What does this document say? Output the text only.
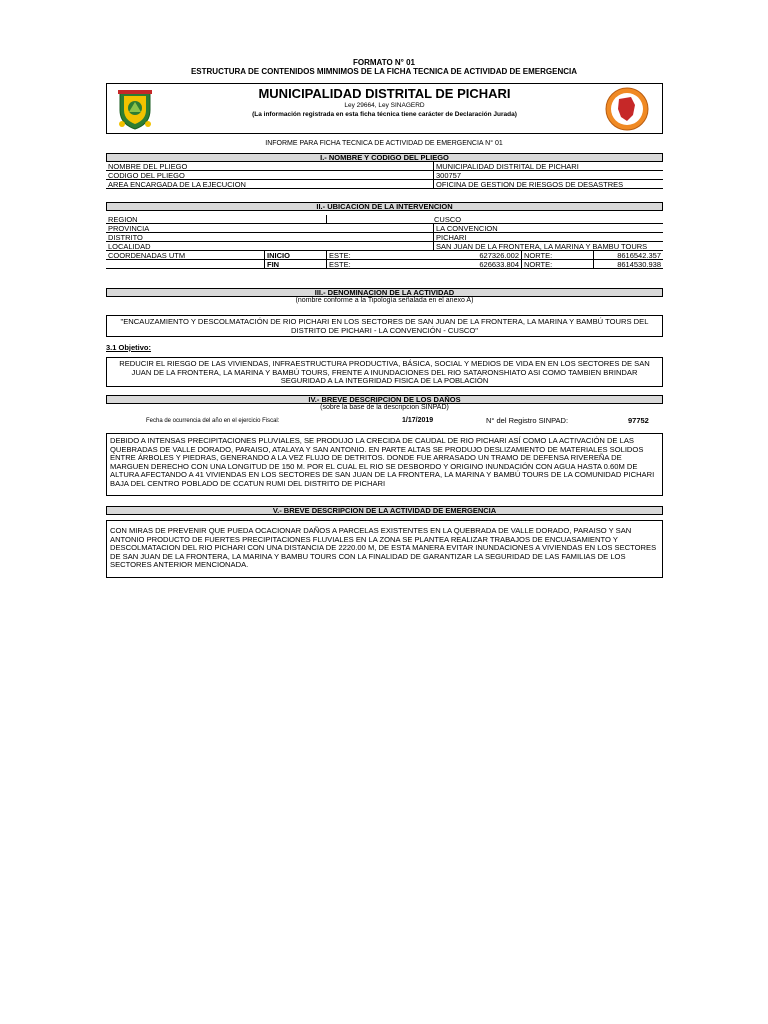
FORMATO N° 01
ESTRUCTURA DE CONTENIDOS MIMNIMOS DE LA FICHA TECNICA DE ACTIVIDAD DE EMERGENCIA
MUNICIPALIDAD DISTRITAL DE PICHARI
Ley 29664, Ley SINAGERD
(La información registrada en esta ficha técnica tiene carácter de Declaración Jurada)
INFORME PARA FICHA TECNICA DE ACTIVIDAD DE EMERGENCIA N° 01
I.- NOMBRE Y CODIGO DEL PLIEGO
NOMBRE DEL PLIEGO	MUNICIPALIDAD DISTRITAL DE PICHARI
CODIGO DEL PLIEGO	300757
AREA ENCARGADA DE LA EJECUCION	OFICINA DE GESTION DE RIESGOS DE DESASTRES
II.- UBICACION DE LA INTERVENCION
REGION	CUSCO
PROVINCIA	LA CONVENCION
DISTRITO	PICHARI
LOCALIDAD	SAN JUAN DE LA FRONTERA, LA MARINA Y BAMBU TOURS
COORDENADAS UTM	INICIO	ESTE:	627326.002 NORTE:	8616542.357
FIN	ESTE:	626633.804 NORTE:	8614530.938
III.- DENOMINACION DE LA ACTIVIDAD
(nombre conforme a la Tipología señalada en el anexo A)
"ENCAUZAMIENTO Y DESCOLMATACIÓN DE RIO PICHARI EN LOS SECTORES DE SAN JUAN DE LA FRONTERA, LA MARINA Y BAMBÚ TOURS DEL DISTRITO DE PICHARI - LA CONVENCIÓN - CUSCO"
3.1 Objetivo:
REDUCIR EL RIESGO DE LAS VIVIENDAS, INFRAESTRUCTURA PRODUCTIVA, BÁSICA, SOCIAL Y MEDIOS DE VIDA EN EN LOS SECTORES DE SAN JUAN DE LA FRONTERA, LA MARINA Y BAMBÚ TOURS, FRENTE A INUNDACIONES DEL RIO SATARONSHIATO ASI COMO TAMBIEN BRINDAR SEGURIDAD A LA INTEGRIDAD FISICA DE LA POBLACIÓN
IV.- BREVE DESCRIPCION DE LOS DAÑOS
(sobre la base de la descripcion SINPAD)
Fecha de ocurrencia del año en el ejercicio Fiscal:	1/17/2019	N° del Registro SINPAD:	97752
DEBIDO A INTENSAS PRECIPITACIONES PLUVIALES, SE PRODUJO LA CRECIDA DE CAUDAL DE RIO PICHARI ASÍ COMO LA ACTIVACIÓN DE LAS QUEBRADAS DE VALLE DORADO, PARAISO, ATALAYA Y SAN ANTONIO. EN PARTE ALTAS SE PRODUJO DESLIZAMIENTO DE MATERIALES SOLIDOS ENTRE ÁRBOLES Y PIEDRAS, GENERANDO A LA VEZ FLUJO DE DETRITOS. DONDE FUE ARRASADO UN TRAMO DE DEFENSA RIVEREÑA DE MARGUEN DERECHO CON UNA LONGITUD DE 150 M. POR EL CUAL EL RIO SE DESBORDO Y ORIGINO INUNDACIÓN CON AGUA HASTA 0.60M DE ALTURA AFECTANDO A 41 VIVIENDAS EN LOS SECTORES DE SAN JUAN DE LA FRONTERA, LA MARINA Y BAMBÚ TOURS DE LA COMUNIDAD PICHARI BAJA DEL CENTRO POBLADO DE CCATUN RUMI DEL DISTRITO DE PICHARI
V.- BREVE DESCRIPCION DE LA ACTIVIDAD DE EMERGENCIA
CON MIRAS DE PREVENIR QUE PUEDA OCACIONAR DAÑOS A PARCELAS EXISTENTES EN LA QUEBRADA DE VALLE DORADO, PARAISO Y SAN ANTONIO PRODUCTO DE FUERTES PRECIPITACIONES FLUVIALES EN LA ZONA SE PLANTEA REALIZAR TRABAJOS DE ENCUASAMIENTO Y DESCOLMATACION DEL RIO PICHARI CON UNA DISTANCIA DE 2220.00 M, DE ESTA MANERA EVITAR INUNDACIONES A VIVIENDAS EN LOS SECTORES DE SAN JUAN DE LA FRONTERA, LA MARINA Y BAMBU TOURS CON LA FINALIDAD DE GARANTIZAR LA SEGURIDAD DE LAS FAMILIAS DE LOS SECTORES ANTERIOR MENCIONADA.
